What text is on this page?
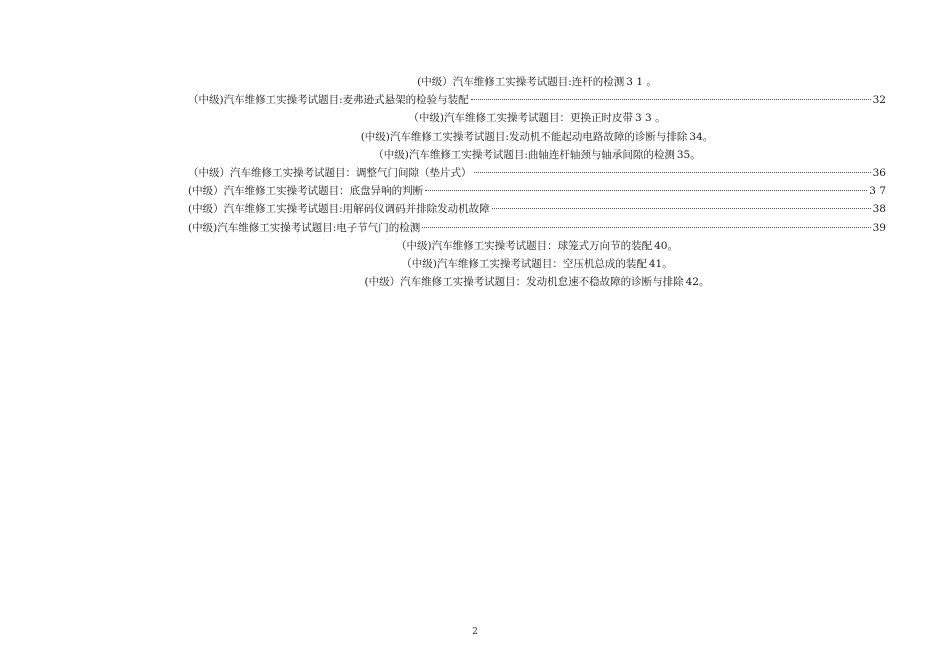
(中级）汽车维修工实操考试题目:连杆的检测 3 1 。
（中级)汽车维修工实操考试题目:麦弗逊式悬架的检验与装配	32
（中级)汽车维修工实操考试题目：更换正时皮带 3 3 。
(中级)汽车维修工实操考试题目:发动机不能起动电路故障的诊断与排除 34。
（中级)汽车维修工实操考试题目:曲轴连杆轴颈与轴承间隙的检测 35。
（中级）汽车维修工实操考试题目：调整气门间隙（垫片式）	36
(中级）汽车维修工实操考试题目：底盘异响的判断	3 7
(中级）汽车维修工实操考试题目:用解码仪调码并排除发动机故障	38
(中级)汽车维修工实操考试题目:电子节气门的检测	39
（中级)汽车维修工实操考试题目：球笼式万向节的装配 40。
（中级)汽车维修工实操考试题目：空压机总成的装配 41。
(中级）汽车维修工实操考试题目：发动机怠速不稳故障的诊断与排除 42。
2
